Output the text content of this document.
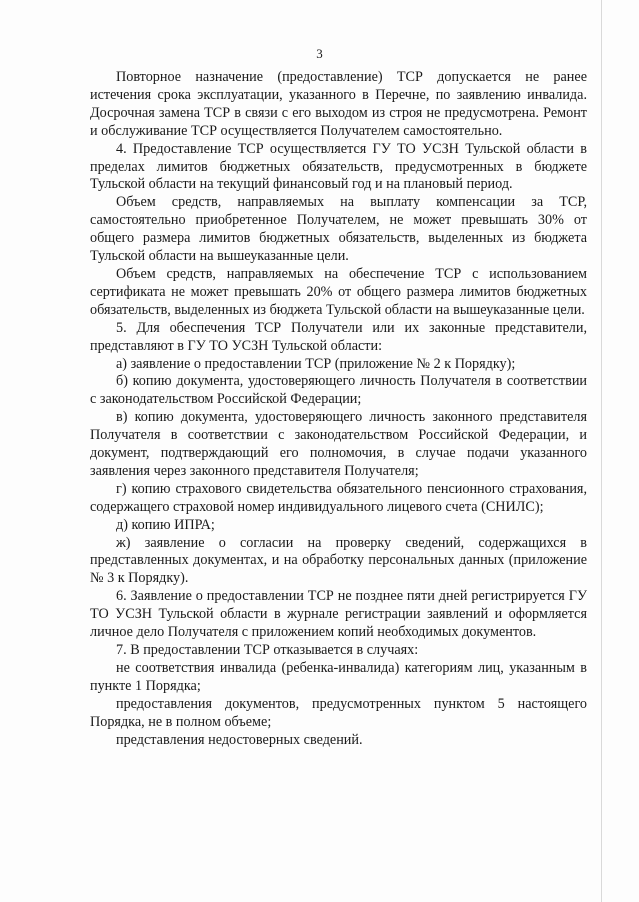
3

Повторное назначение (предоставление) ТСР допускается не ранее истечения срока эксплуатации, указанного в Перечне, по заявлению инвалида. Досрочная замена ТСР в связи с его выходом из строя не предусмотрена. Ремонт и обслуживание ТСР осуществляется Получателем самостоятельно.

4. Предоставление ТСР осуществляется ГУ ТО УСЗН Тульской области в пределах лимитов бюджетных обязательств, предусмотренных в бюджете Тульской области на текущий финансовый год и на плановый период.

Объем средств, направляемых на выплату компенсации за ТСР, самостоятельно приобретенное Получателем, не может превышать 30% от общего размера лимитов бюджетных обязательств, выделенных из бюджета Тульской области на вышеуказанные цели.

Объем средств, направляемых на обеспечение ТСР с использованием сертификата не может превышать 20% от общего размера лимитов бюджетных обязательств, выделенных из бюджета Тульской области на вышеуказанные цели.

5. Для обеспечения ТСР Получатели или их законные представители, представляют в ГУ ТО УСЗН Тульской области:

а) заявление о предоставлении ТСР (приложение № 2 к Порядку);

б) копию документа, удостоверяющего личность Получателя в соответствии с законодательством Российской Федерации;

в) копию документа, удостоверяющего личность законного представителя Получателя в соответствии с законодательством Российской Федерации, и документ, подтверждающий его полномочия, в случае подачи указанного заявления через законного представителя Получателя;

г) копию страхового свидетельства обязательного пенсионного страхования, содержащего страховой номер индивидуального лицевого счета (СНИЛС);

д) копию ИПРА;

ж) заявление о согласии на проверку сведений, содержащихся в представленных документах, и на обработку персональных данных (приложение № 3 к Порядку).

6. Заявление о предоставлении ТСР не позднее пяти дней регистрируется ГУ ТО УСЗН Тульской области в журнале регистрации заявлений и оформляется личное дело Получателя с приложением копий необходимых документов.

7. В предоставлении ТСР отказывается в случаях:

не соответствия инвалида (ребенка-инвалида) категориям лиц, указанным в пункте 1 Порядка;

предоставления документов, предусмотренных пунктом 5 настоящего Порядка, не в полном объеме;

представления недостоверных сведений.
